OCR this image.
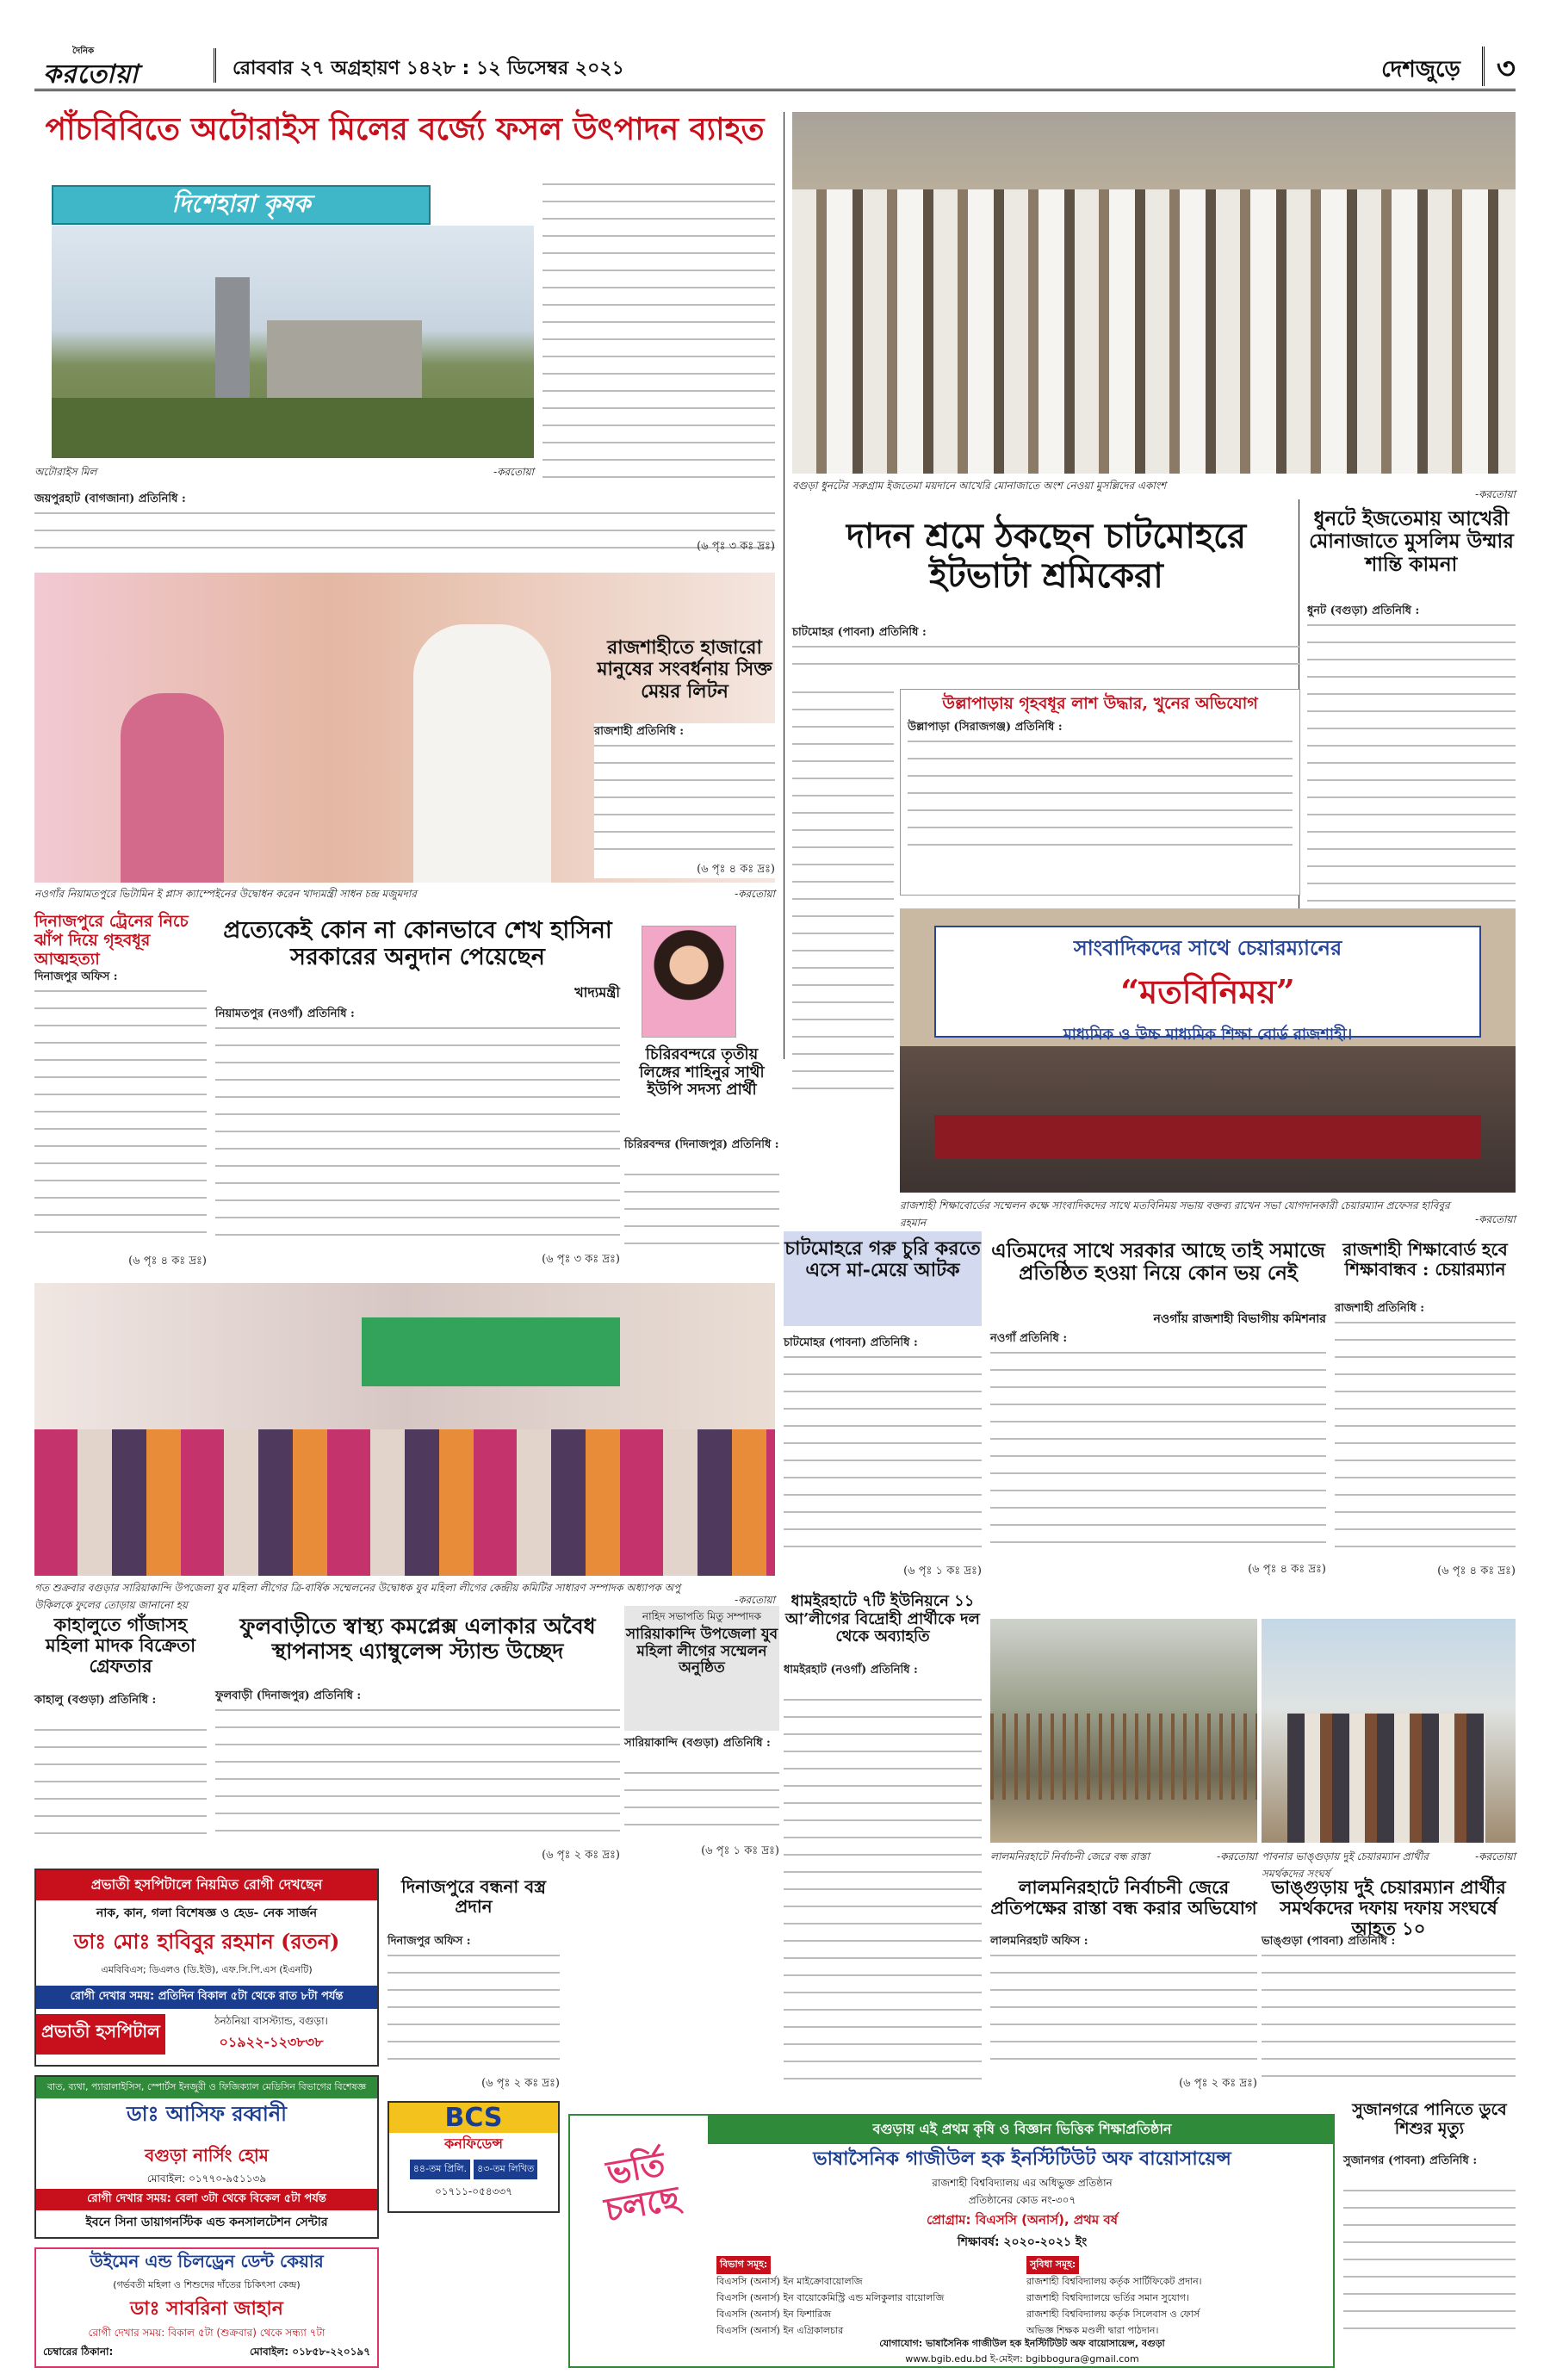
দৈনিক
করতোয়া	রোববার ২৭ অগ্রহায়ণ ১৪২৮ : ১২ ডিসেম্বর ২০২১	দেশজুড়ে	৩
পাঁচবিবিতে অটোরাইস মিলের বর্জ্যে ফসল উৎপাদন ব্যাহত
দিশেহারা কৃষক
অটোরাইস মিল	-করতোয়া
জয়পুরহাট (বাগজানা) প্রতিনিধি :
(৬ পৃঃ ৩ কঃ দ্রঃ)
বগুড়া ধুনটের সরুগ্রাম ইজতেমা ময়দানে আখেরি মোনাজাতে অংশ নেওয়া মুসল্লিদের একাংশ
-করতোয়া
ধুনটে ইজতেমায় আখেরী মোনাজাতে মুসলিম উম্মার শান্তি কামনা
ধুনট (বগুড়া) প্রতিনিধি :
দাদন শ্রমে ঠকছেন চাটমোহরে ইটভাটা শ্রমিকেরা
চাটমোহর (পাবনা) প্রতিনিধি :
নওগাঁর নিয়ামতপুরে ভিটামিন ই প্লাস ক্যাম্পেইনের উদ্বোধন করেন খাদ্যমন্ত্রী সাধন চন্দ্র মজুমদার	-করতোয়া
রাজশাহীতে হাজারো মানুষের সংবর্ধনায় সিক্ত মেয়র লিটন
রাজশাহী প্রতিনিধি :
(৬ পৃঃ ৪ কঃ দ্রঃ)
উল্লাপাড়ায় গৃহবধূর লাশ উদ্ধার, খুনের অভিযোগ
উল্লাপাড়া (সিরাজগঞ্জ) প্রতিনিধি :
দিনাজপুরে ট্রেনের নিচে ঝাঁপ দিয়ে গৃহবধূর আত্মহত্যা
দিনাজপুর অফিস :
(৬ পৃঃ ৪ কঃ দ্রঃ)
প্রত্যেকেই কোন না কোনভাবে শেখ হাসিনা সরকারের অনুদান পেয়েছেন
খাদ্যমন্ত্রী
নিয়ামতপুর (নওগাঁ) প্রতিনিধি :
(৬ পৃঃ ৩ কঃ দ্রঃ)
চিরিরবন্দরে তৃতীয় লিঙ্গের শাহিনুর সাথী ইউপি সদস্য প্রার্থী
চিরিরবন্দর (দিনাজপুর) প্রতিনিধি :
সাংবাদিকদের সাথে চেয়ারম্যানের
“মতবিনিময়”
মাধ্যমিক ও উচ্চ মাধ্যমিক শিক্ষা বোর্ড রাজশাহী।
রাজশাহী শিক্ষাবোর্ডের সম্মেলন কক্ষে সাংবাদিকদের সাথে মতবিনিময় সভায় বক্তব্য রাখেন সভা যোগদানকারী চেয়ারম্যান প্রফেসর হাবিবুর রহমান	-করতোয়া
গত শুক্রবার বগুড়ার সারিয়াকান্দি উপজেলা যুব মহিলা লীগের ত্রি-বার্ষিক সম্মেলনের উদ্বোধক যুব মহিলা লীগের কেন্দ্রীয় কমিটির সাধারণ সম্পাদক অধ্যাপক অপু উকিলকে ফুলের তোড়ায় জানানো হয়	-করতোয়া
চাটমোহরে গরু চুরি করতে এসে মা-মেয়ে আটক
চাটমোহর (পাবনা) প্রতিনিধি :
(৬ পৃঃ ১ কঃ দ্রঃ)
এতিমদের সাথে সরকার আছে তাই সমাজে প্রতিষ্ঠিত হওয়া নিয়ে কোন ভয় নেই
নওগাঁয় রাজশাহী বিভাগীয় কমিশনার
নওগাঁ প্রতিনিধি :
(৬ পৃঃ ৪ কঃ দ্রঃ)
রাজশাহী শিক্ষাবোর্ড হবে শিক্ষাবান্ধব : চেয়ারম্যান
রাজশাহী প্রতিনিধি :
(৬ পৃঃ ৪ কঃ দ্রঃ)
কাহালুতে গাঁজাসহ মহিলা মাদক বিক্রেতা গ্রেফতার
কাহালু (বগুড়া) প্রতিনিধি :
ফুলবাড়ীতে স্বাস্থ্য কমপ্লেক্স এলাকার অবৈধ স্থাপনাসহ এ্যাম্বুলেন্স স্ট্যান্ড উচ্ছেদ
ফুলবাড়ী (দিনাজপুর) প্রতিনিধি :
(৬ পৃঃ ২ কঃ দ্রঃ)
নাহিদ সভাপতি মিতু সম্পাদক
সারিয়াকান্দি উপজেলা যুব মহিলা লীগের সম্মেলন অনুষ্ঠিত
সারিয়াকান্দি (বগুড়া) প্রতিনিধি :
(৬ পৃঃ ১ কঃ দ্রঃ)
ধামইরহাটে ৭টি ইউনিয়নে ১১ আ’লীগের বিদ্রোহী প্রার্থীকে দল থেকে অব্যাহতি
ধামইরহাট (নওগাঁ) প্রতিনিধি :
লালমনিরহাটে নির্বাচনী জেরে বন্ধ রাস্তা	-করতোয়া পাবনার ভাঙ্গুড়ায় দুই চেয়ারম্যান প্রার্থীর সমর্থকদের সংঘর্ষ
-করতোয়া
লালমনিরহাটে নির্বাচনী জেরে প্রতিপক্ষের রাস্তা বন্ধ করার অভিযোগ
লালমনিরহাট অফিস :
(৬ পৃঃ ২ কঃ দ্রঃ)
ভাঙ্গুড়ায় দুই চেয়ারম্যান প্রার্থীর সমর্থকদের দফায় দফায় সংঘর্ষে আহত ১০
ভাঙ্গুড়া (পাবনা) প্রতিনিধি :
দিনাজপুরে বন্ধনা বস্ত্র প্রদান
দিনাজপুর অফিস :
(৬ পৃঃ ২ কঃ দ্রঃ)
সুজানগরে পানিতে ডুবে শিশুর মৃত্যু
সুজানগর (পাবনা) প্রতিনিধি :
প্রভাতী হসপিটালে নিয়মিত রোগী দেখছেন
নাক, কান, গলা বিশেষজ্ঞ ও হেড- নেক সার্জন
ডাঃ মোঃ হাবিবুর রহমান (রতন)
এমবিবিএস; ডিএলও (ডি.ইউ), এফ.সি.পি.এস (ইএনটি)
রোগী দেখার সময়: প্রতিদিন বিকাল ৫টা থেকে রাত ৮টা পর্যন্ত
প্রভাতী হসপিটাল	ঠনঠনিয়া বাসস্ট্যান্ড, বগুড়া।
০১৯২২-১২৩৮৩৮
বাত, ব্যথা, প্যারালাইসিস, স্পোর্টস ইনজুরী ও ফিজিক্যাল মেডিসিন বিভাগের বিশেষজ্ঞ
ডাঃ আসিফ রব্বানী
বগুড়া নার্সিং হোম
মোবাইল: ০১৭৭০-৯৫১১৩৯
রোগী দেখার সময়: বেলা ৩টা থেকে বিকেল ৫টা পর্যন্ত
ইবনে সিনা ডায়াগনস্টিক এন্ড কনসালটেশন সেন্টার
উইমেন এন্ড চিলড্রেন ডেন্ট কেয়ার
(গর্ভবতী মহিলা ও শিশুদের দাঁতের চিকিৎসা কেন্দ্র)
ডাঃ সাবরিনা জাহান
রোগী দেখার সময়: বিকাল ৫টা (শুক্রবার) থেকে সন্ধ্যা ৭টা
চেম্বারের ঠিকানা:	মোবাইল: ০১৮৫৮-২২০১৯৭
BCS
কনফিডেন্স
৪৪-তম প্রিলি.	৪৩-তম লিখিত
০১৭১১-০৫৪৩৩৭	ভর্তি চলছে
বগুড়ায় এই প্রথম কৃষি ও বিজ্ঞান ভিত্তিক শিক্ষাপ্রতিষ্ঠান
ভাষাসৈনিক গাজীউল হক ইনস্টিটিউট অফ বায়োসায়েন্স
রাজশাহী বিশ্ববিদ্যালয় এর অধিভুক্ত প্রতিষ্ঠান
প্রতিষ্ঠানের কোড নং-৩০৭
প্রোগ্রাম: বিএসসি (অনার্স), প্রথম বর্ষ
শিক্ষাবর্ষ: ২০২০-২০২১ ইং
বিভাগ সমূহ:
বিএসসি (অনার্স) ইন মাইক্রোবায়োলজি
বিএসসি (অনার্স) ইন বায়োকেমিস্ট্রি এন্ড মলিকুলার বায়োলজি
বিএসসি (অনার্স) ইন ফিশারিজ
বিএসসি (অনার্স) ইন এগ্রিকালচার
সুবিধা সমূহ:
রাজশাহী বিশ্ববিদ্যালয় কর্তৃক সার্টিফিকেট প্রদান।
রাজশাহী বিশ্ববিদ্যালয়ে ভর্তির সমান সুযোগ।
রাজশাহী বিশ্ববিদ্যালয় কর্তৃক সিলেবাস ও ফোর্স
অভিজ্ঞ শিক্ষক মণ্ডলী দ্বারা পাঠদান।
যোগাযোগ: ভাষাসৈনিক গাজীউল হক ইনস্টিটিউট অফ বায়োসায়েন্স, বগুড়া
www.bgib.edu.bd ই-মেইল: bgibbogura@gmail.com
